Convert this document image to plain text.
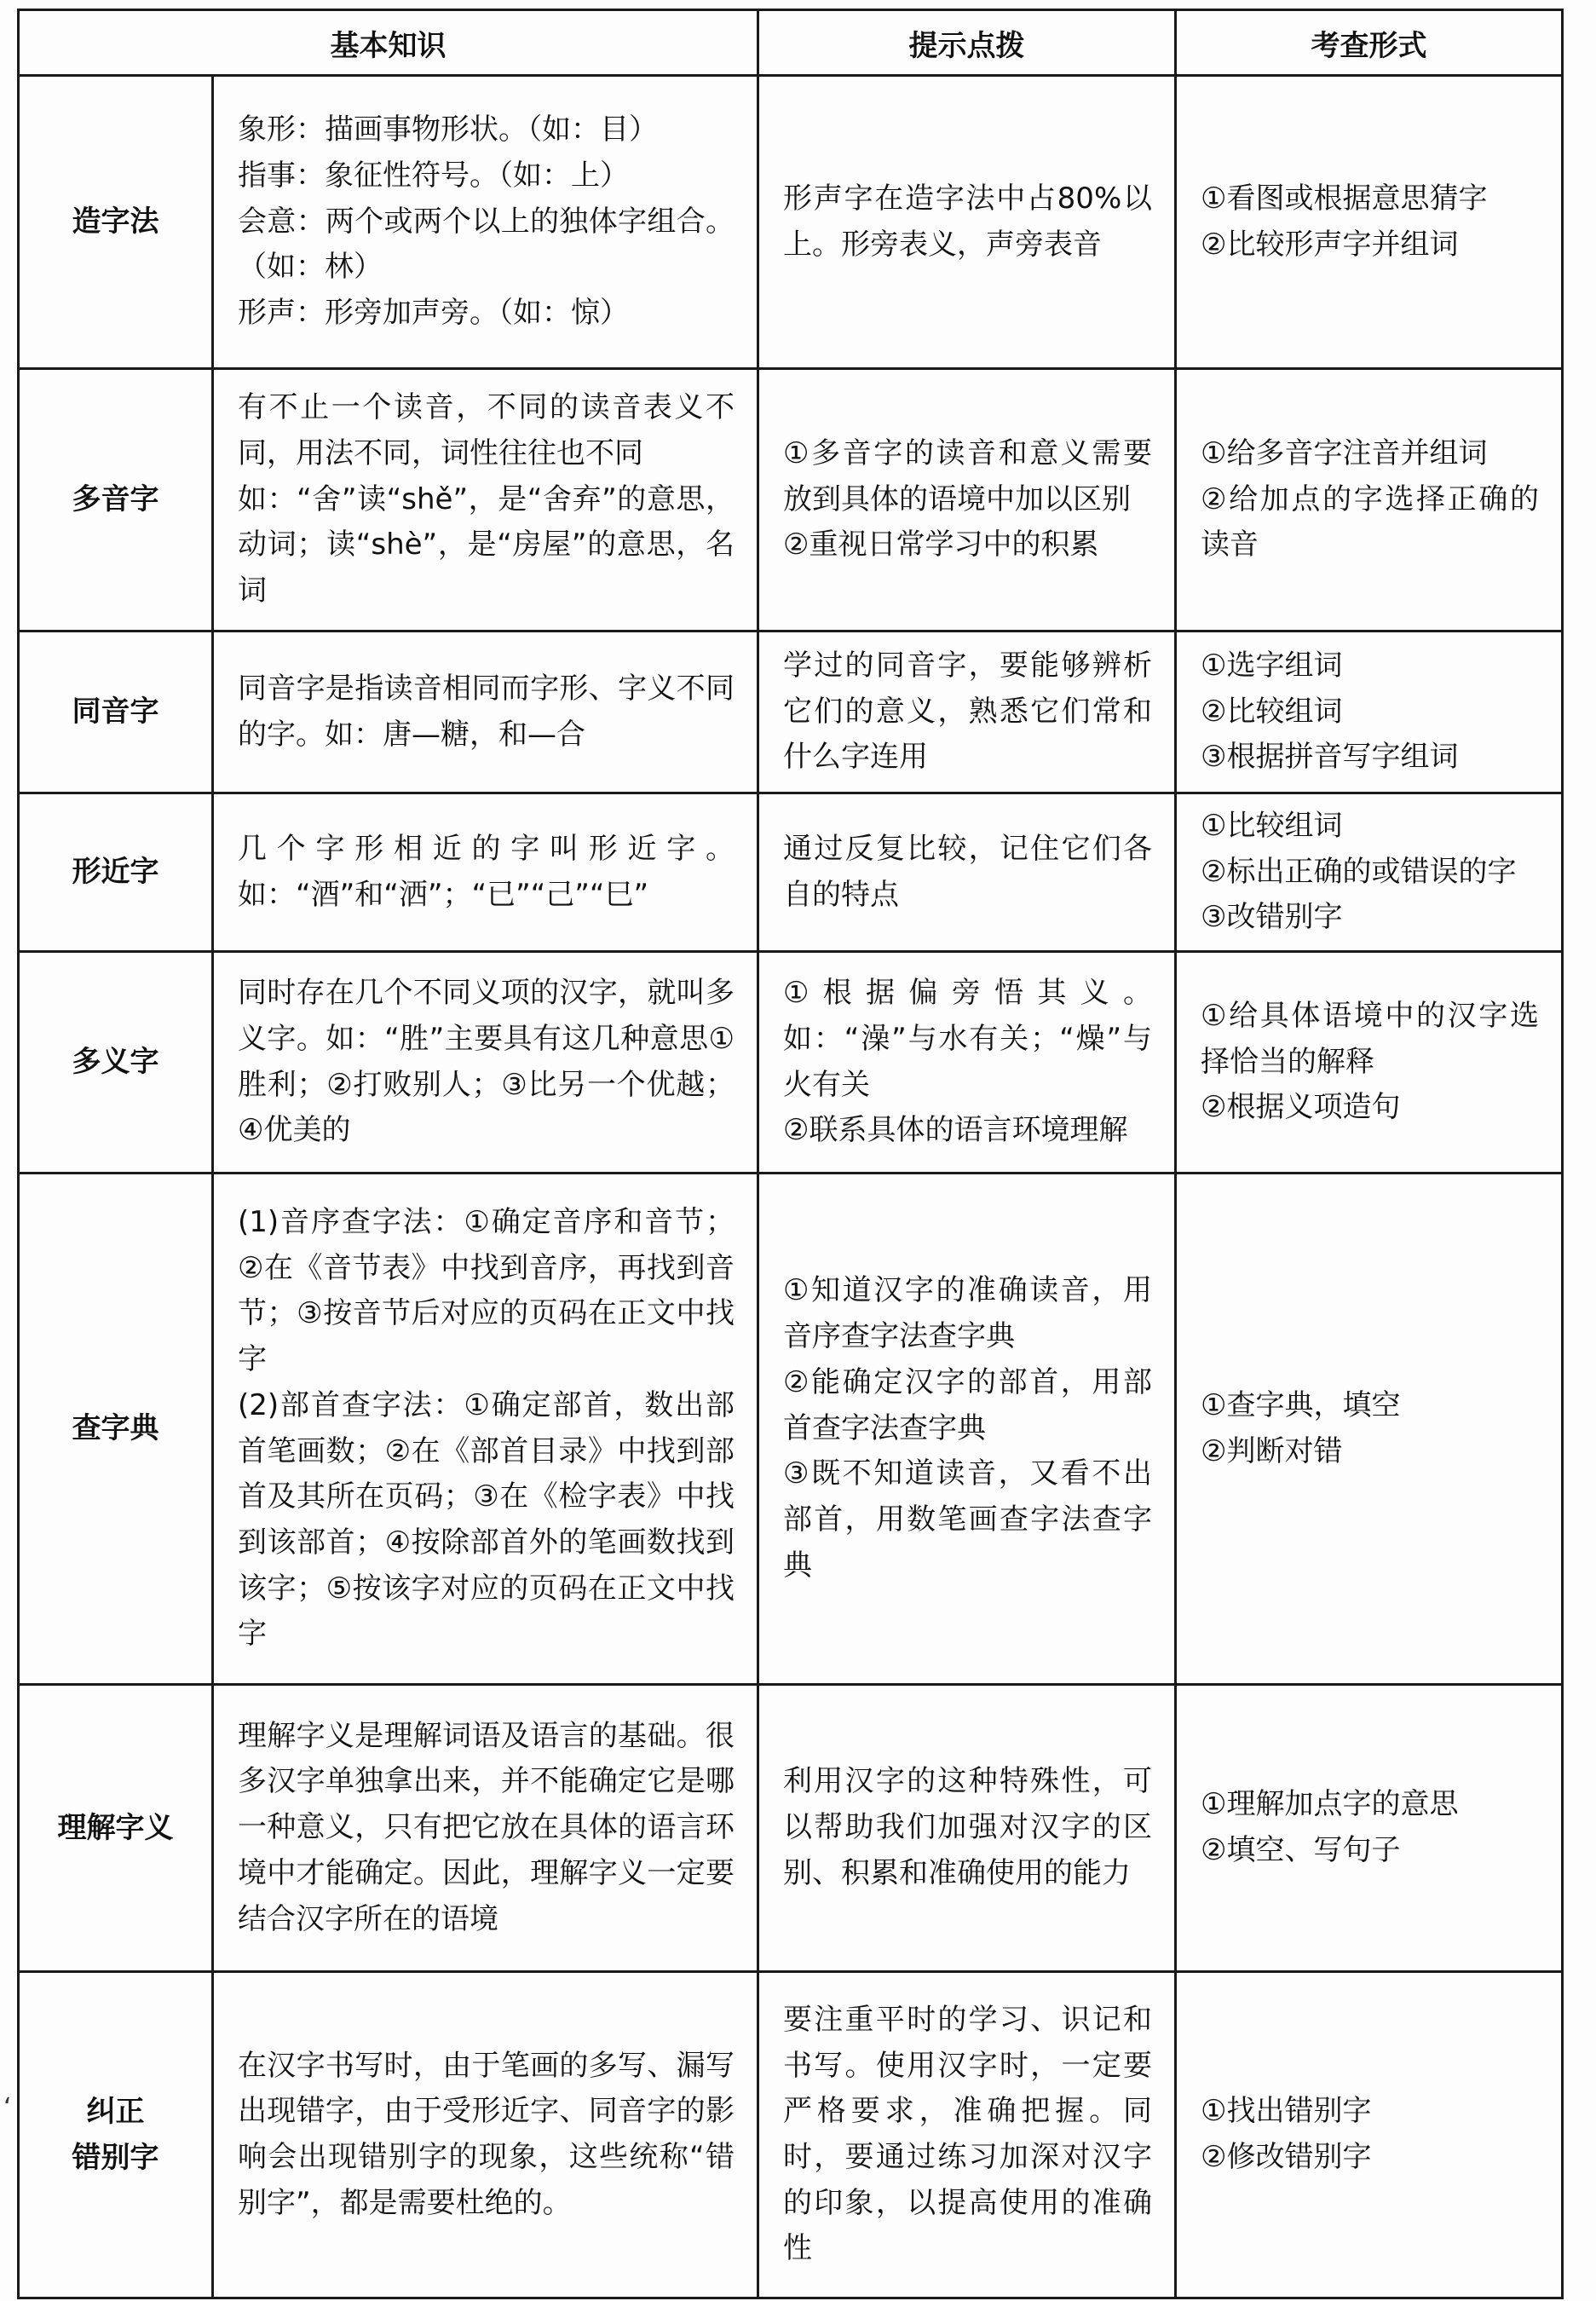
基本知识		提示点拨	考查形式

造字法	象形：描画事物形状。（如：目）
指事：象征性符号。（如：上）
会意：两个或两个以上的独体字组合。（如：林）
形声：形旁加声旁。（如：惊）	形声字在造字法中占80%以上。形旁表义，声旁表音	①看图或根据意思猜字
②比较形声字并组词

多音字	有不止一个读音，不同的读音表义不同，用法不同，词性往往也不同
如：“舍”读“shě”，是“舍弃”的意思，动词；读“shè”，是“房屋”的意思，名词	①多音字的读音和意义需要放到具体的语境中加以区别
②重视日常学习中的积累	①给多音字注音并组词
②给加点的字选择正确的读音

同音字	同音字是指读音相同而字形、字义不同的字。如：唐—糖，和—合	学过的同音字，要能够辨析它们的意义，熟悉它们常和什么字连用	①选字组词
②比较组词
③根据拼音写字组词

形近字	几个字形相近的字叫形近字。如：“酒”和“洒”；“已”“己”“巳”	通过反复比较，记住它们各自的特点	①比较组词
②标出正确的或错误的字
③改错别字

多义字	同时存在几个不同义项的汉字，就叫多义字。如：“胜”主要具有这几种意思①胜利；②打败别人；③比另一个优越；④优美的	①根据偏旁悟其义。如：“澡”与水有关；“燥”与火有关
②联系具体的语言环境理解	①给具体语境中的汉字选择恰当的解释
②根据义项造句

查字典	(1)音序查字法：①确定音序和音节；②在《音节表》中找到音序，再找到音节；③按音节后对应的页码在正文中找字
(2)部首查字法：①确定部首，数出部首笔画数；②在《部首目录》中找到部首及其所在页码；③在《检字表》中找到该部首；④按除部首外的笔画数找到该字；⑤按该字对应的页码在正文中找字	①知道汉字的准确读音，用音序查字法查字典
②能确定汉字的部首，用部首查字法查字典
③既不知道读音，又看不出部首，用数笔画查字法查字典	①查字典，填空
②判断对错

理解字义	理解字义是理解词语及语言的基础。很多汉字单独拿出来，并不能确定它是哪一种意义，只有把它放在具体的语言环境中才能确定。因此，理解字义一定要结合汉字所在的语境	利用汉字的这种特殊性，可以帮助我们加强对汉字的区别、积累和准确使用的能力	①理解加点字的意思
②填空、写句子

纠正
错别字	在汉字书写时，由于笔画的多写、漏写出现错字，由于受形近字、同音字的影响会出现错别字的现象，这些统称“错别字”，都是需要杜绝的。	要注重平时的学习、识记和书写。使用汉字时，一定要严格要求，准确把握。同时，要通过练习加深对汉字的印象，以提高使用的准确性	①找出错别字
②修改错别字
‘
